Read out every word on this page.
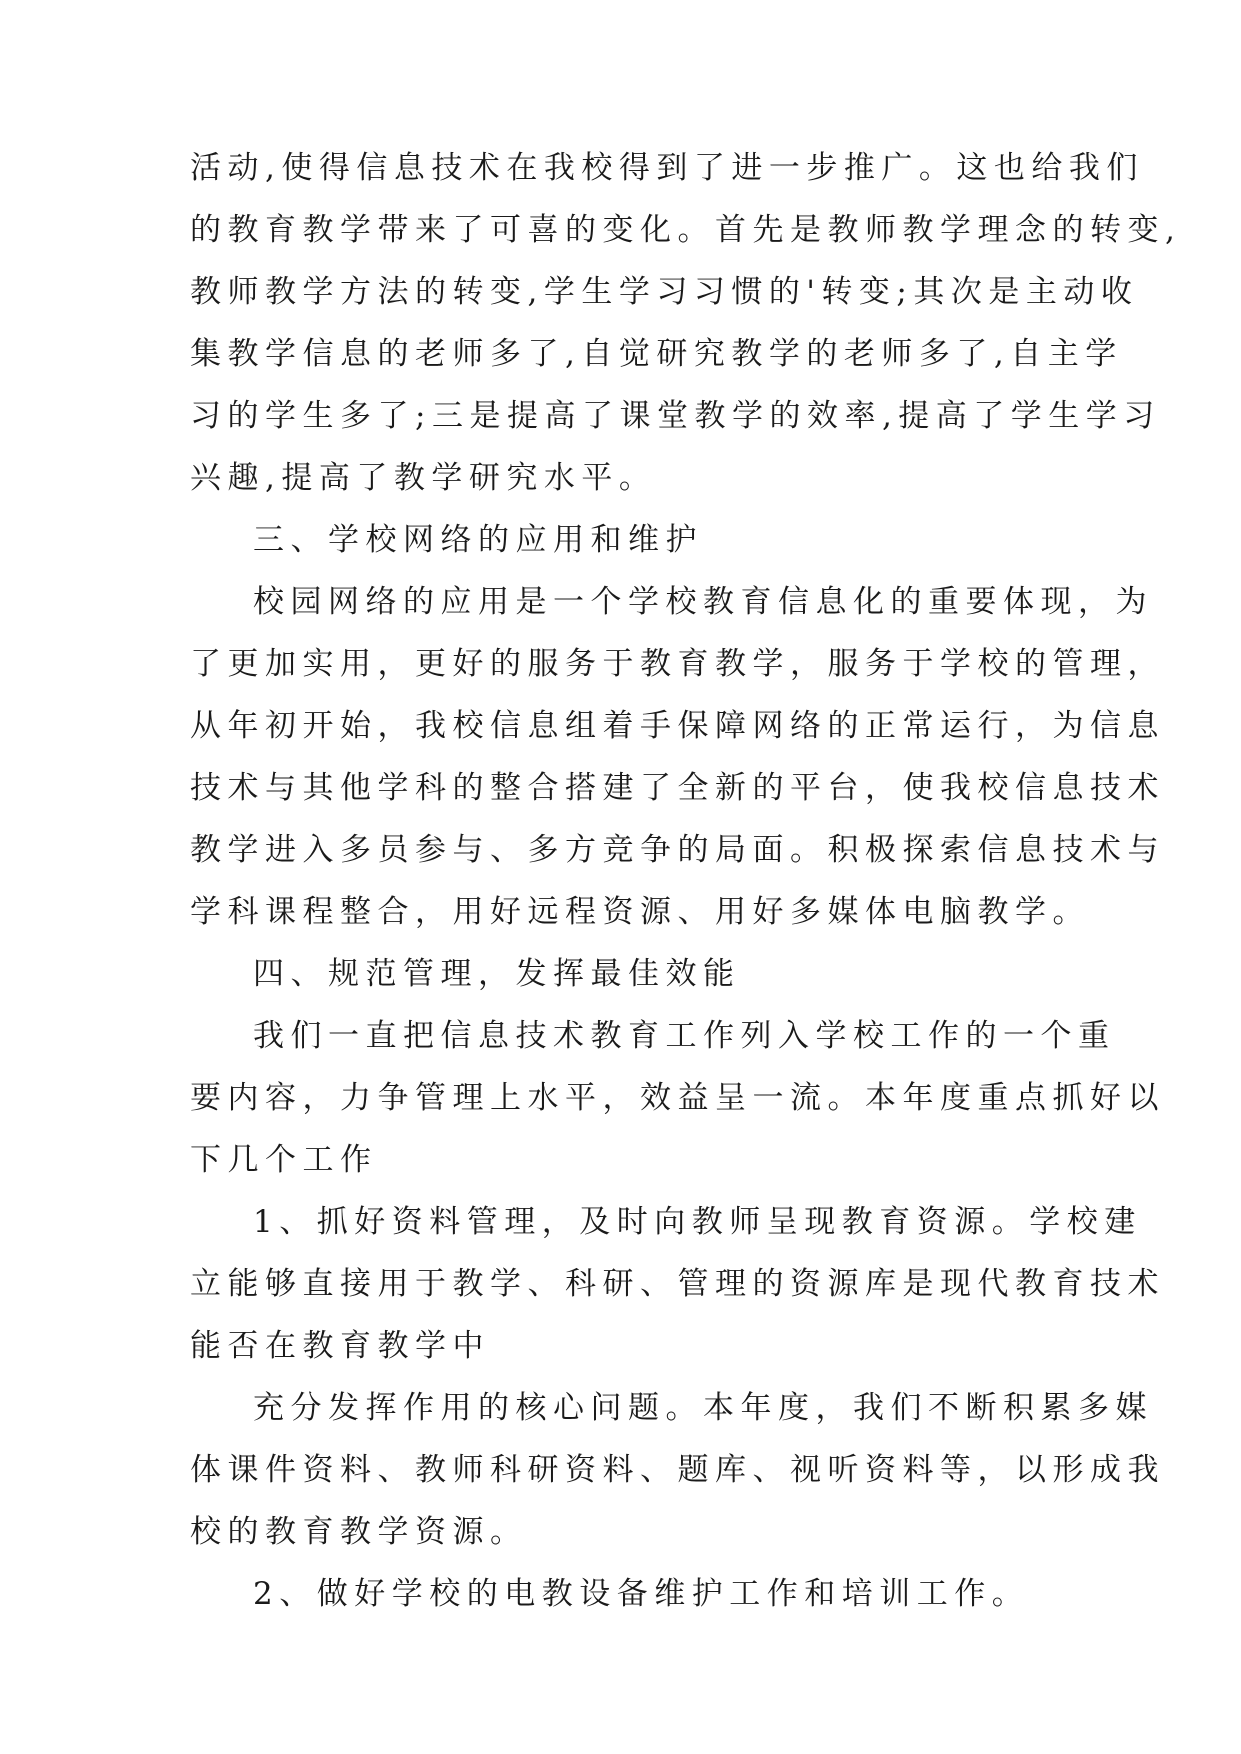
活动,使得信息技术在我校得到了进一步推广。这也给我们
的教育教学带来了可喜的变化。首先是教师教学理念的转变,
教师教学方法的转变,学生学习习惯的'转变;其次是主动收
集教学信息的老师多了,自觉研究教学的老师多了,自主学
习的学生多了;三是提高了课堂教学的效率,提高了学生学习
兴趣,提高了教学研究水平。
三、学校网络的应用和维护
校园网络的应用是一个学校教育信息化的重要体现，为
了更加实用，更好的服务于教育教学，服务于学校的管理，
从年初开始，我校信息组着手保障网络的正常运行，为信息
技术与其他学科的整合搭建了全新的平台，使我校信息技术
教学进入多员参与、多方竞争的局面。积极探索信息技术与
学科课程整合，用好远程资源、用好多媒体电脑教学。
四、规范管理，发挥最佳效能
我们一直把信息技术教育工作列入学校工作的一个重
要内容，力争管理上水平，效益呈一流。本年度重点抓好以
下几个工作
1、抓好资料管理，及时向教师呈现教育资源。学校建
立能够直接用于教学、科研、管理的资源库是现代教育技术
能否在教育教学中
充分发挥作用的核心问题。本年度，我们不断积累多媒
体课件资料、教师科研资料、题库、视听资料等，以形成我
校的教育教学资源。
2、做好学校的电教设备维护工作和培训工作。
